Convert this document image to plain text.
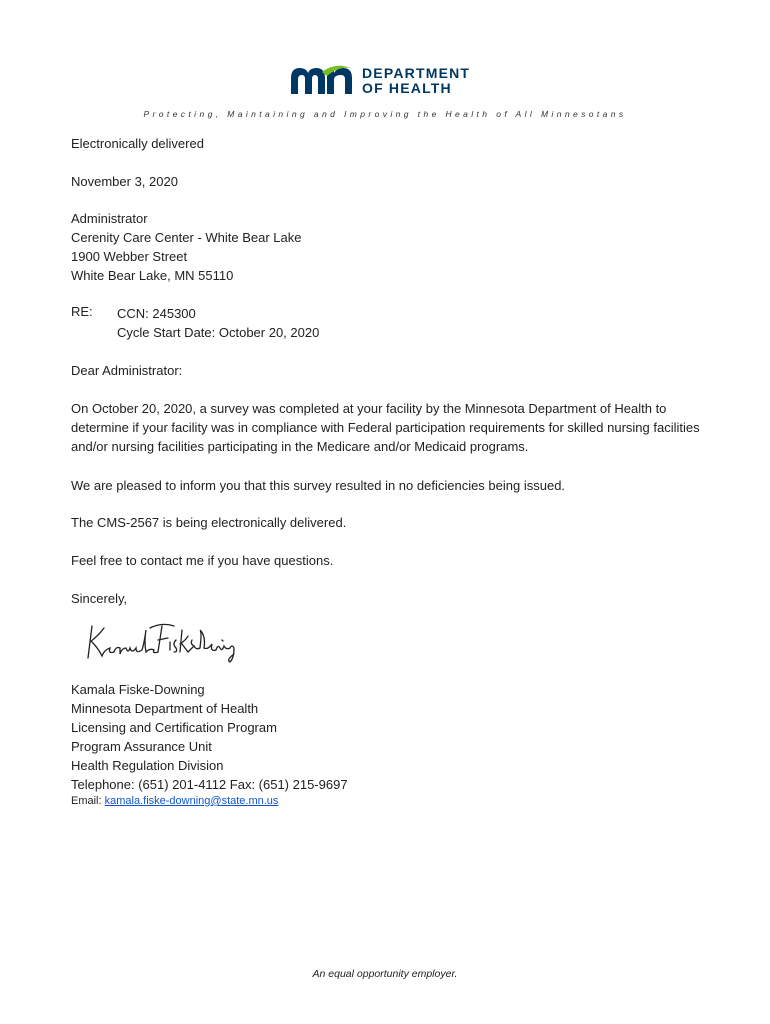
DEPARTMENT
OF HEALTH
Protecting, Maintaining and Improving the Health of All Minnesotans
Electronically delivered
November 3, 2020
Administrator
Cerenity Care Center - White Bear Lake
1900 Webber Street
White Bear Lake, MN 55110
RE: CCN: 245300
Cycle Start Date: October 20, 2020
Dear Administrator:
On October 20, 2020, a survey was completed at your facility by the Minnesota Department of Health to determine if your facility was in compliance with Federal participation requirements for skilled nursing facilities and/or nursing facilities participating in the Medicare and/or Medicaid programs.
We are pleased to inform you that this survey resulted in no deficiencies being issued.
The CMS-2567 is being electronically delivered.
Feel free to contact me if you have questions.
Sincerely,
Kamala Fiske-Downing
Minnesota Department of Health
Licensing and Certification Program
Program Assurance Unit
Health Regulation Division
Telephone: (651) 201-4112 Fax: (651) 215-9697
Email: kamala.fiske-downing@state.mn.us
An equal opportunity employer.
